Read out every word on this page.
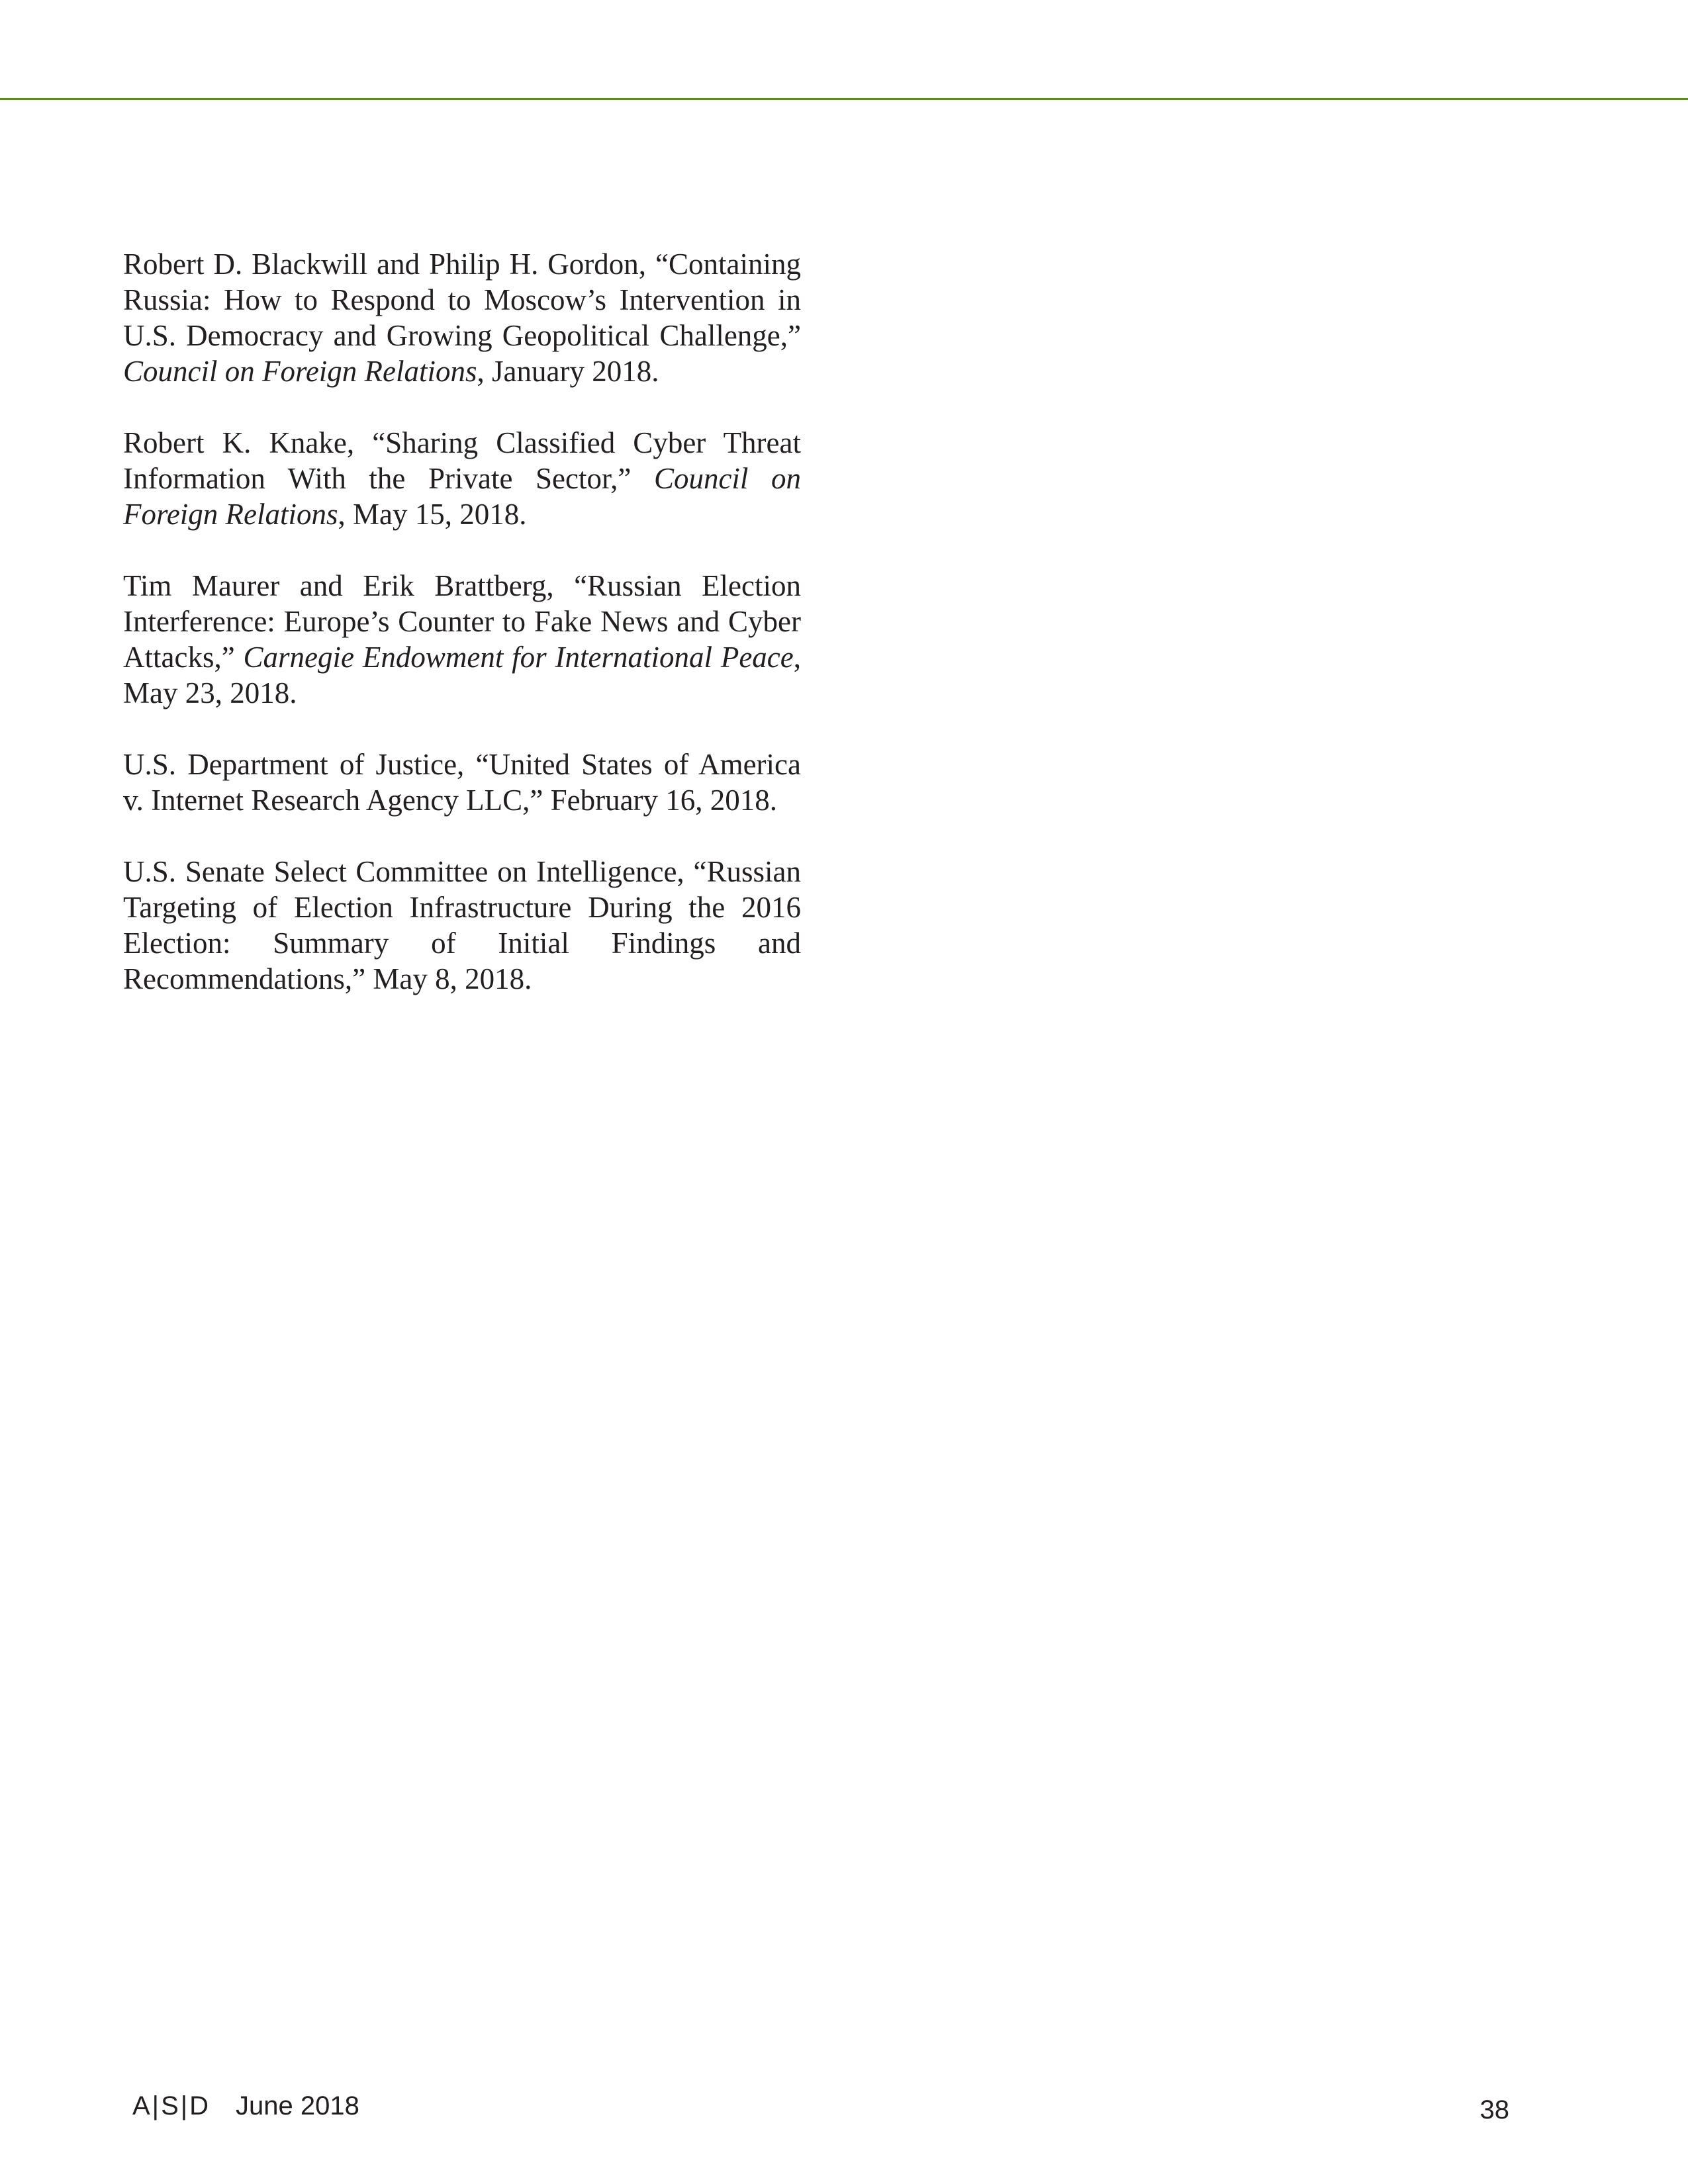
Robert D. Blackwill and Philip H. Gordon, “Containing Russia: How to Respond to Moscow’s Intervention in U.S. Democracy and Growing Geopolitical Challenge,” Council on Foreign Relations, January 2018.

Robert K. Knake, “Sharing Classified Cyber Threat Information With the Private Sector,” Council on Foreign Relations, May 15, 2018.

Tim Maurer and Erik Brattberg, “Russian Election Interference: Europe’s Counter to Fake News and Cyber Attacks,” Carnegie Endowment for International Peace, May 23, 2018.

U.S. Department of Justice, “United States of America v. Internet Research Agency LLC,” February 16, 2018.

U.S. Senate Select Committee on Intelligence, “Russian Targeting of Election Infrastructure During the 2016 Election: Summary of Initial Findings and Recommendations,” May 8, 2018.

A|S|D June 2018	38
